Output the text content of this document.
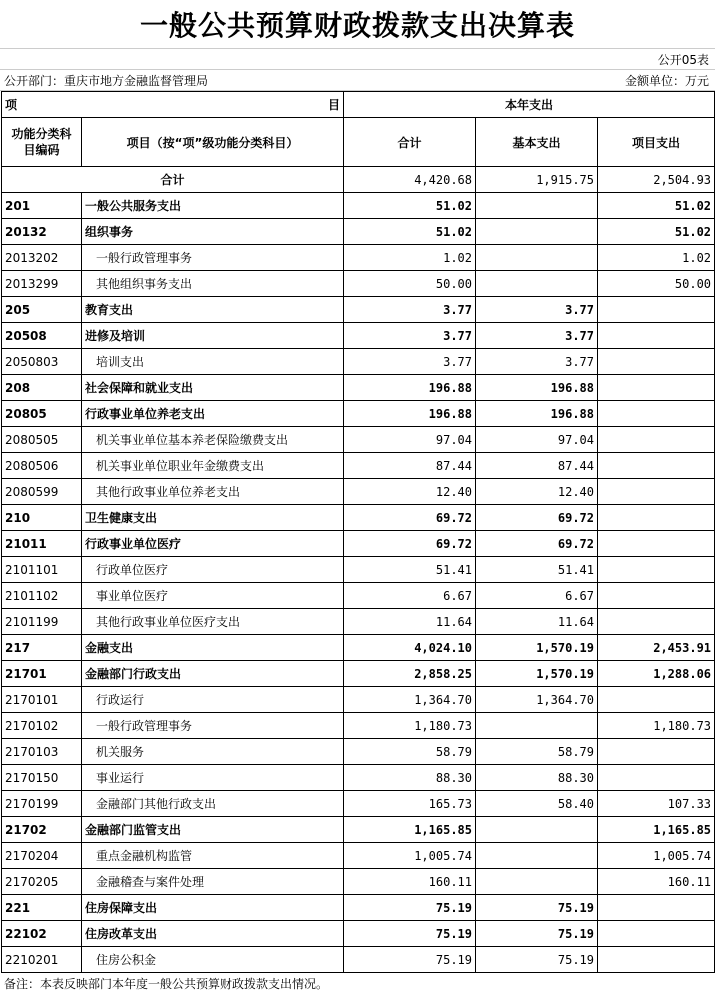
一般公共预算财政拨款支出决算表
公开05表
公开部门：重庆市地方金融监督管理局	金额单位：万元
项 目		本年支出		
功能分类科目编码	项目（按“项”级功能分类科目）	合计	基本支出	项目支出
合计		4,420.68	1,915.75	2,504.93
201	一般公共服务支出	51.02		51.02
20132	组织事务	51.02		51.02
2013202	一般行政管理事务	1.02		1.02
2013299	其他组织事务支出	50.00		50.00
205	教育支出	3.77	3.77	
20508	进修及培训	3.77	3.77	
2050803	培训支出	3.77	3.77	
208	社会保障和就业支出	196.88	196.88	
20805	行政事业单位养老支出	196.88	196.88	
2080505	机关事业单位基本养老保险缴费支出	97.04	97.04	
2080506	机关事业单位职业年金缴费支出	87.44	87.44	
2080599	其他行政事业单位养老支出	12.40	12.40	
210	卫生健康支出	69.72	69.72	
21011	行政事业单位医疗	69.72	69.72	
2101101	行政单位医疗	51.41	51.41	
2101102	事业单位医疗	6.67	6.67	
2101199	其他行政事业单位医疗支出	11.64	11.64	
217	金融支出	4,024.10	1,570.19	2,453.91
21701	金融部门行政支出	2,858.25	1,570.19	1,288.06
2170101	行政运行	1,364.70	1,364.70	
2170102	一般行政管理事务	1,180.73		1,180.73
2170103	机关服务	58.79	58.79	
2170150	事业运行	88.30	88.30	
2170199	金融部门其他行政支出	165.73	58.40	107.33
21702	金融部门监管支出	1,165.85		1,165.85
2170204	重点金融机构监管	1,005.74		1,005.74
2170205	金融稽查与案件处理	160.11		160.11
221	住房保障支出	75.19	75.19	
22102	住房改革支出	75.19	75.19	
2210201	住房公积金	75.19	75.19	
备注：本表反映部门本年度一般公共预算财政拨款支出情况。
